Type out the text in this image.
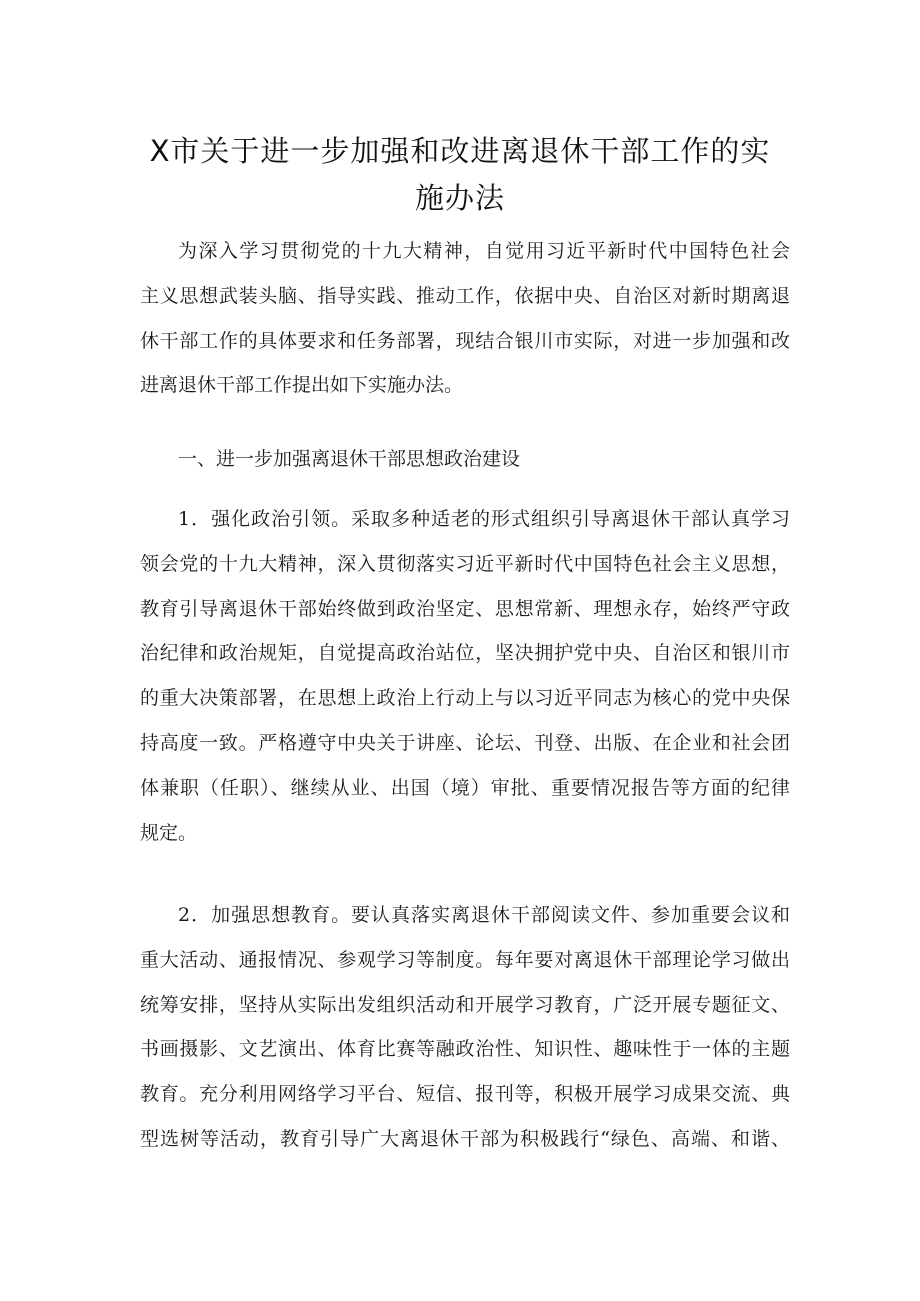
X市关于进一步加强和改进离退休干部工作的实
施办法
为深入学习贯彻党的十九大精神，自觉用习近平新时代中国特色社会
主义思想武装头脑、指导实践、推动工作，依据中央、自治区对新时期离退
休干部工作的具体要求和任务部署，现结合银川市实际，对进一步加强和改
进离退休干部工作提出如下实施办法。
一、进一步加强离退休干部思想政治建设
1．强化政治引领。采取多种适老的形式组织引导离退休干部认真学习
领会党的十九大精神，深入贯彻落实习近平新时代中国特色社会主义思想，
教育引导离退休干部始终做到政治坚定、思想常新、理想永存，始终严守政
治纪律和政治规矩，自觉提高政治站位，坚决拥护党中央、自治区和银川市
的重大决策部署，在思想上政治上行动上与以习近平同志为核心的党中央保
持高度一致。严格遵守中央关于讲座、论坛、刊登、出版、在企业和社会团
体兼职（任职）、继续从业、出国（境）审批、重要情况报告等方面的纪律
规定。
2．加强思想教育。要认真落实离退休干部阅读文件、参加重要会议和
重大活动、通报情况、参观学习等制度。每年要对离退休干部理论学习做出
统筹安排，坚持从实际出发组织活动和开展学习教育，广泛开展专题征文、
书画摄影、文艺演出、体育比赛等融政治性、知识性、趣味性于一体的主题
教育。充分利用网络学习平台、短信、报刊等，积极开展学习成果交流、典
型选树等活动，教育引导广大离退休干部为积极践行“绿色、高端、和谐、
